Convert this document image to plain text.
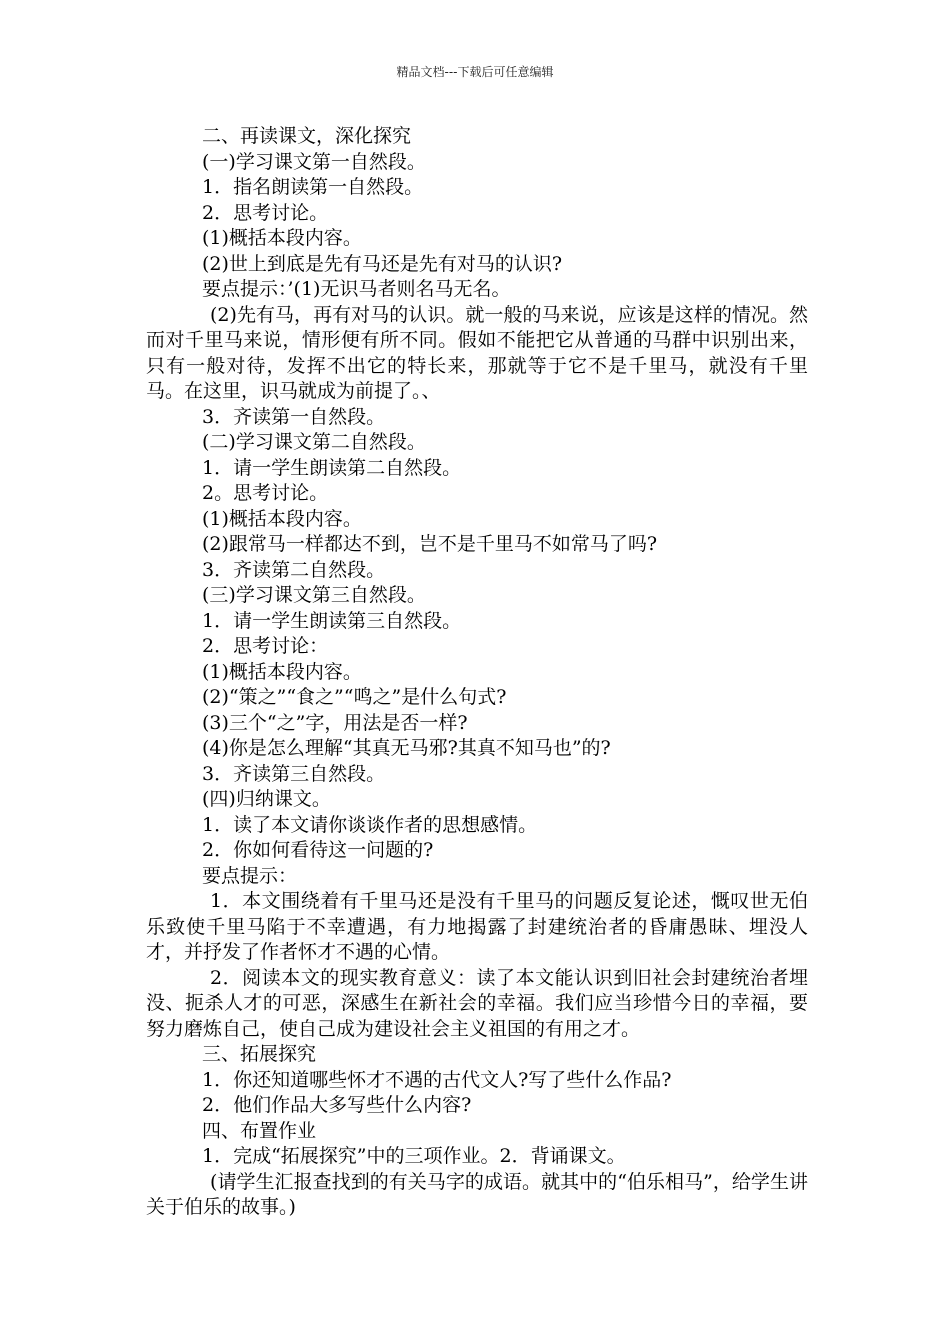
精品文档---下载后可任意编辑
二、再读课文，深化探究
(一)学习课文第一自然段。
1．指名朗读第一自然段。
2．思考讨论。
(1)概括本段内容。
(2)世上到底是先有马还是先有对马的认识?
要点提示：’(1)无识马者则名马无名。
(2)先有马，再有对马的认识。就一般的马来说，应该是这样的情况。然而对千里马来说，情形便有所不同。假如不能把它从普通的马群中识别出来，只有一般对待，发挥不出它的特长来，那就等于它不是千里马，就没有千里马。在这里，识马就成为前提了。、
3．齐读第一自然段。
(二)学习课文第二自然段。
1．请一学生朗读第二自然段。
2。思考讨论。
(1)概括本段内容。
(2)跟常马一样都达不到，岂不是千里马不如常马了吗?
3．齐读第二自然段。
(三)学习课文第三自然段。
1．请一学生朗读第三自然段。
2．思考讨论：
(1)概括本段内容。
(2)“策之”“食之”“鸣之”是什么句式?
(3)三个“之”字，用法是否一样?
(4)你是怎么理解“其真无马邪?其真不知马也”的?
3．齐读第三自然段。
(四)归纳课文。
1．读了本文请你谈谈作者的思想感情。
2．你如何看待这一问题的?
要点提示：
1．本文围绕着有千里马还是没有千里马的问题反复论述，慨叹世无伯乐致使千里马陷于不幸遭遇，有力地揭露了封建统治者的昏庸愚昧、埋没人才，并抒发了作者怀才不遇的心情。
2．阅读本文的现实教育意义：读了本文能认识到旧社会封建统治者埋没、扼杀人才的可恶，深感生在新社会的幸福。我们应当珍惜今日的幸福，要努力磨炼自己，使自己成为建设社会主义祖国的有用之才。
三、拓展探究
1．你还知道哪些怀才不遇的古代文人?写了些什么作品?
2．他们作品大多写些什么内容?
四、布置作业
1．完成“拓展探究”中的三项作业。2．背诵课文。
(请学生汇报查找到的有关马字的成语。就其中的“伯乐相马”，给学生讲关于伯乐的故事。)
